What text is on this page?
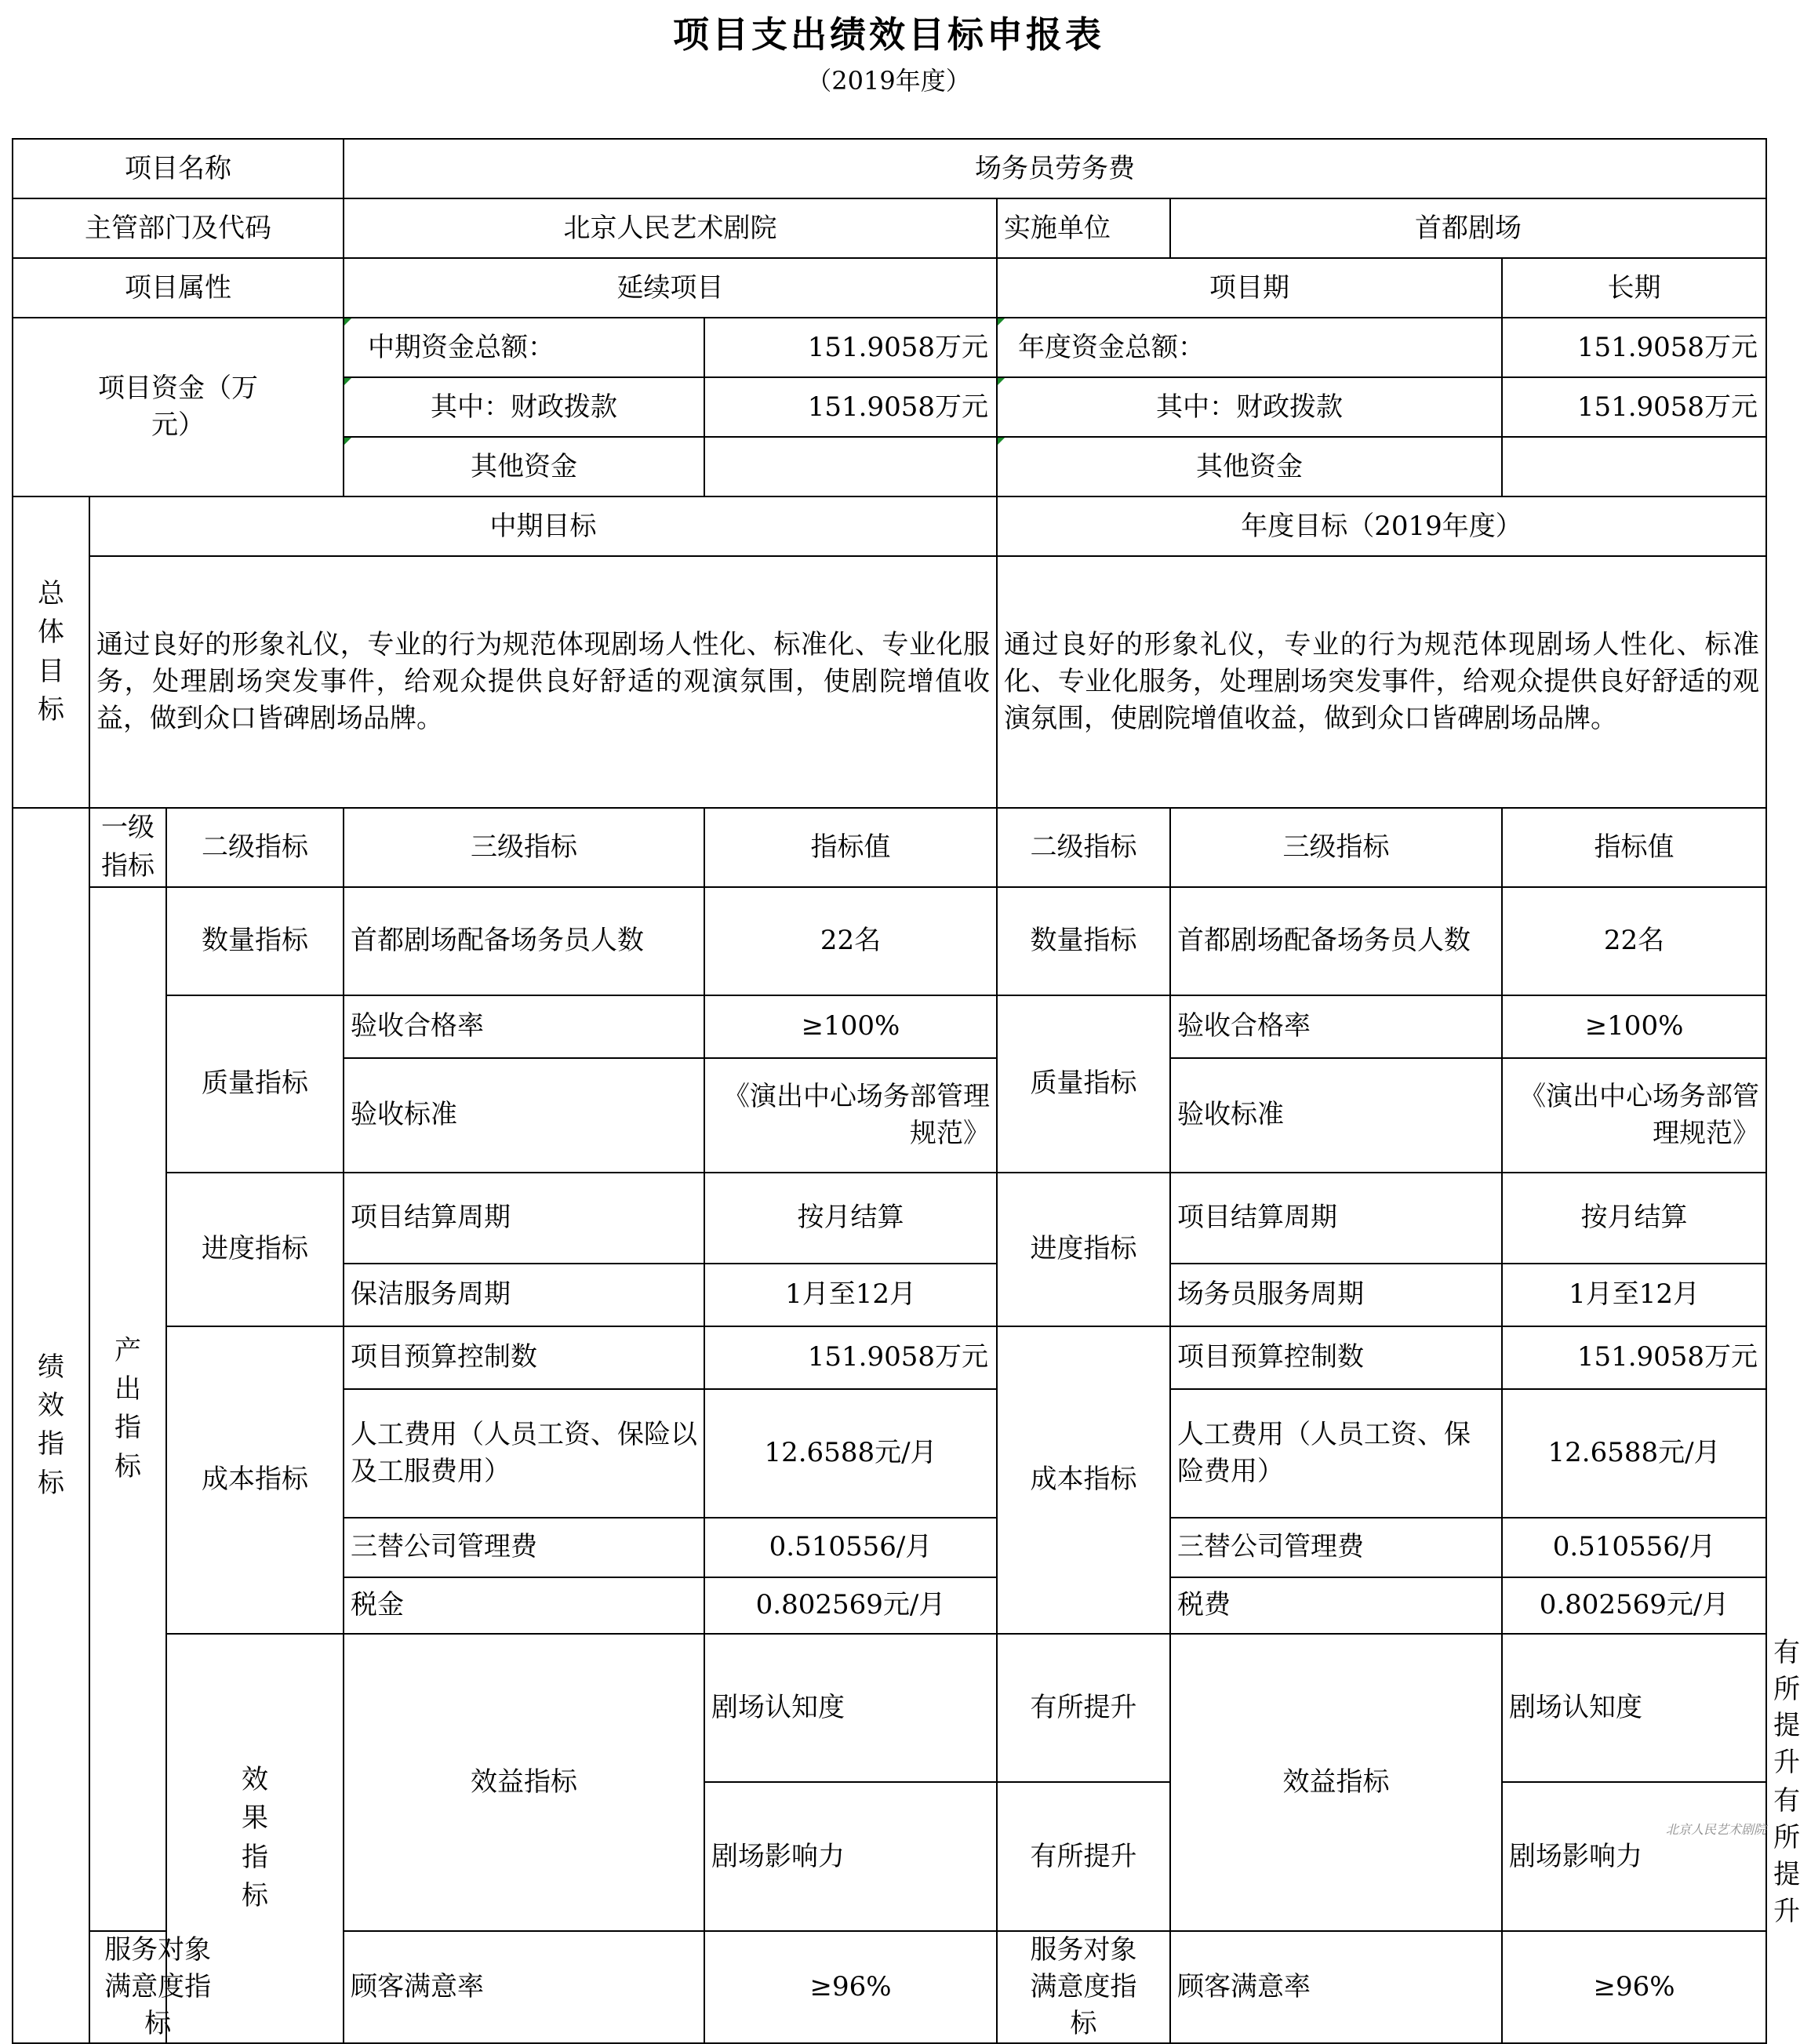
项目支出绩效目标申报表
（2019年度）
项目名称			场务员劳务费					
主管部门及代码			北京人民艺术剧院		实施单位	首都剧场		
项目属性			延续项目		项目期		长期	
项目资金（万元）			中期资金总额：	151.9058万元	年度资金总额：		151.9058万元	
			其中：财政拨款	151.9058万元	其中：财政拨款		151.9058万元	
			其他资金		其他资金			
总体目标	中期目标				年度目标（2019年度）			
	通过良好的形象礼仪，专业的行为规范体现剧场人性化、标准化、专业化服务，处理剧场突发事件，给观众提供良好舒适的观演氛围，使剧院增值收益，做到众口皆碑剧场品牌。				通过良好的形象礼仪，专业的行为规范体现剧场人性化、标准化、专业化服务，处理剧场突发事件，给观众提供良好舒适的观演氛围，使剧院增值收益，做到众口皆碑剧场品牌。			
绩效指标	一级指标	二级指标	三级指标	指标值	二级指标	三级指标	指标值	
	产出指标	数量指标	首都剧场配备场务员人数	22名	数量指标	首都剧场配备场务员人数	22名	
		质量指标	验收合格率	≥100%	质量指标	验收合格率	≥100%	
			验收标准	《演出中心场务部管理规范》		验收标准	《演出中心场务部管理规范》	
		进度指标	项目结算周期	按月结算	进度指标	项目结算周期	按月结算	
			保洁服务周期	1月至12月		场务员服务周期	1月至12月	
		成本指标	项目预算控制数	151.9058万元	成本指标	项目预算控制数	151.9058万元	
			人工费用（人员工资、保险以及工服费用）	12.6588元/月		人工费用（人员工资、保险费用）	12.6588元/月	
			三替公司管理费	0.510556/月		三替公司管理费	0.510556/月	
			税金	0.802569元/月		税费	0.802569元/月	
		效果指标	效益指标	剧场认知度	有所提升	效益指标	剧场认知度	有所提升
				剧场影响力	有所提升		剧场影响力	有所提升
	服务对象满意度指标		顾客满意率	≥96%	服务对象满意度指标	顾客满意率	≥96%	
北京人民艺术剧院
